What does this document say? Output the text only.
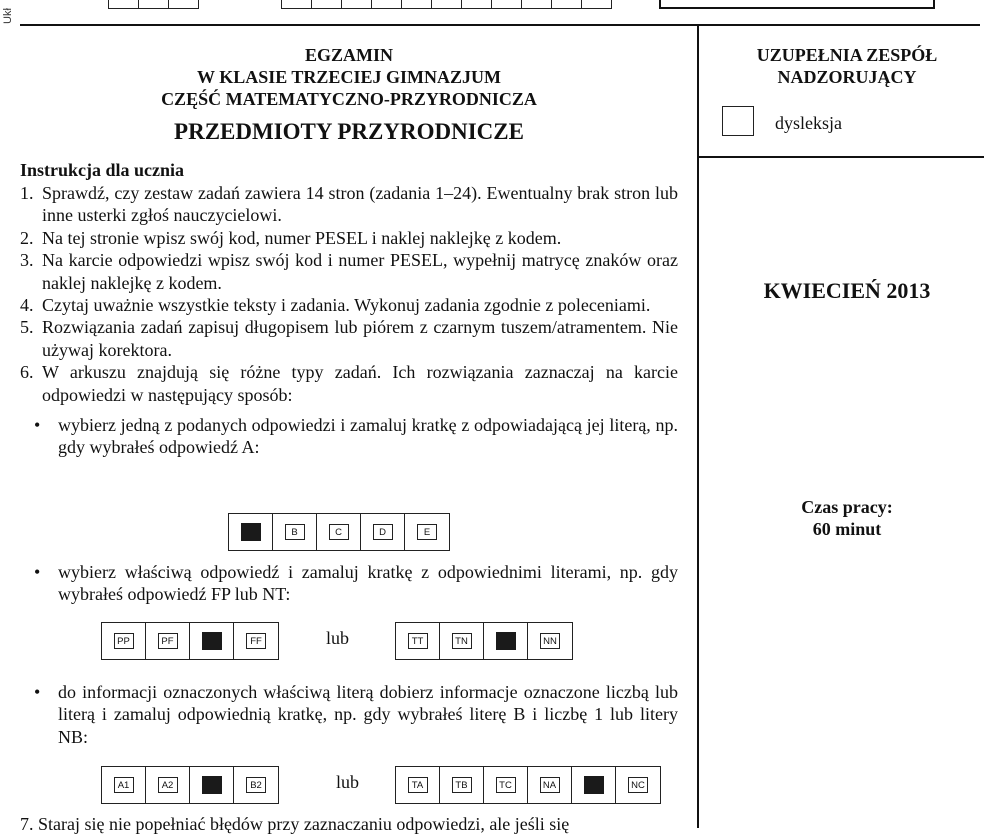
Ukł
EGZAMIN
W KLASIE TRZECIEJ GIMNAZJUM
CZĘŚĆ MATEMATYCZNO-PRZYRODNICZA
PRZEDMIOTY PRZYRODNICZE
UZUPEŁNIA ZESPÓŁ
NADZORUJĄCY
dysleksja
KWIECIEŃ 2013
Czas pracy:
60 minut
Instrukcja dla ucznia
1. Sprawdź, czy zestaw zadań zawiera 14 stron (zadania 1–24). Ewentualny brak stron lub inne usterki zgłoś nauczycielowi.
2. Na tej stronie wpisz swój kod, numer PESEL i naklej naklejkę z kodem.
3. Na karcie odpowiedzi wpisz swój kod i numer PESEL, wypełnij matrycę znaków oraz naklej naklejkę z kodem.
4. Czytaj uważnie wszystkie teksty i zadania. Wykonuj zadania zgodnie z poleceniami.
5. Rozwiązania zadań zapisuj długopisem lub piórem z czarnym tuszem/atramentem. Nie używaj korektora.
6. W arkuszu znajdują się różne typy zadań. Ich rozwiązania zaznaczaj na karcie odpowiedzi w następujący sposób:
• wybierz jedną z podanych odpowiedzi i zamaluj kratkę z odpowiadającą jej literą, np. gdy wybrałeś odpowiedź A:
B	C	D	E
• wybierz właściwą odpowiedź i zamaluj kratkę z odpowiednimi literami, np. gdy wybrałeś odpowiedź FP lub NT:
PP	PF	FF	lub	TT	TN	NN
• do informacji oznaczonych właściwą literą dobierz informacje oznaczone liczbą lub literą i zamaluj odpowiednią kratkę, np. gdy wybrałeś literę B i liczbę 1 lub litery NB:
A1	A2	B2	lub	TA	TB	TC	NA	NC
7. Staraj się nie popełniać błędów przy zaznaczaniu odpowiedzi, ale jeśli się
